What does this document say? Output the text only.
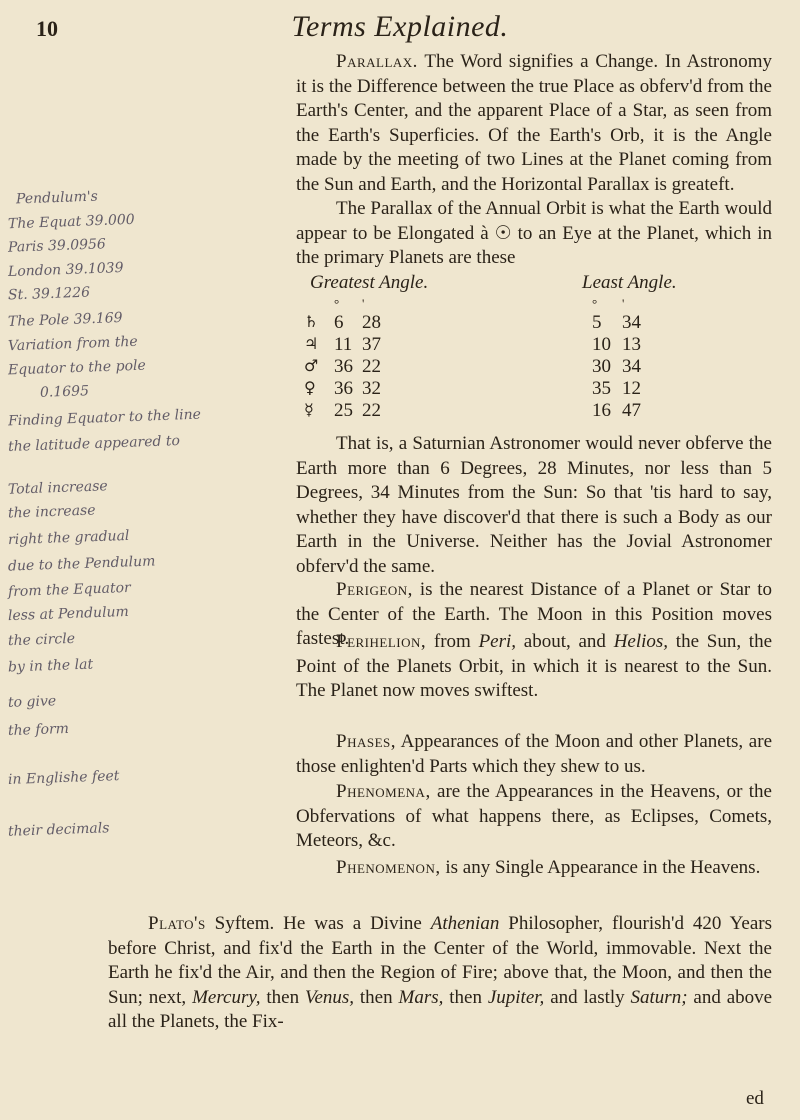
10	Terms Explained.

Parallax. The Word signifies a Change. In Astronomy it is the Difference between the true Place as obferv'd from the Earth's Center, and the apparent Place of a Star, as seen from the Earth's Superficies. Of the Earth's Orb, it is the Angle made by the meeting of two Lines at the Planet coming from the Sun and Earth, and the Horizontal Parallax is greateft.

The Parallax of the Annual Orbit is what the Earth would appear to be Elongated à ☉ to an Eye at the Planet, which in the primary Planets are these

Greatest Angle.	Least Angle.
° '	° '
♄ 6 28	5 34
♃ 11 37	10 13
♂ 36 22	30 34
♀ 36 32	35 12
☿ 25 22	16 47

That is, a Saturnian Astronomer would never obferve the Earth more than 6 Degrees, 28 Minutes, nor less than 5 Degrees, 34 Minutes from the Sun: So that 'tis hard to say, whether they have discover'd that there is such a Body as our Earth in the Universe. Neither has the Jovial Astronomer obferv'd the same.

Perigeon, is the nearest Distance of a Planet or Star to the Center of the Earth. The Moon in this Position moves fastest.

Perihelion, from Peri, about, and Helios, the Sun, the Point of the Planets Orbit, in which it is nearest to the Sun. The Planet now moves swiftest.

Phases, Appearances of the Moon and other Planets, are those enlighten'd Parts which they shew to us.

Phenomena, are the Appearances in the Heavens, or the Obfervations of what happens there, as Eclipses, Comets, Meteors, &c.

Phenomenon, is any Single Appearance in the Heavens.

Plato's Syftem. He was a Divine Athenian Philosopher, flourish'd 420 Years before Christ, and fix'd the Earth in the Center of the World, immovable. Next the Earth he fix'd the Air, and then the Region of Fire; above that, the Moon, and then the Sun; next, Mercury, then Venus, then Mars, then Jupiter, and lastly Saturn; and above all the Planets, the Fix-

ed
Pendulum's
The Equat 39.000
Paris 39.0956
London 39.1039
St. 39.1226
The Pole 39.169
Variation from the
Equator to the pole
0.1695
Finding Equator to the line
the latitude appeared to
Total increase
the increase
right the gradual
due to the Pendulum
from the Equator
less at Pendulum
the circle
by in the lat
to give
the form
in Englishe feet
their decimals
